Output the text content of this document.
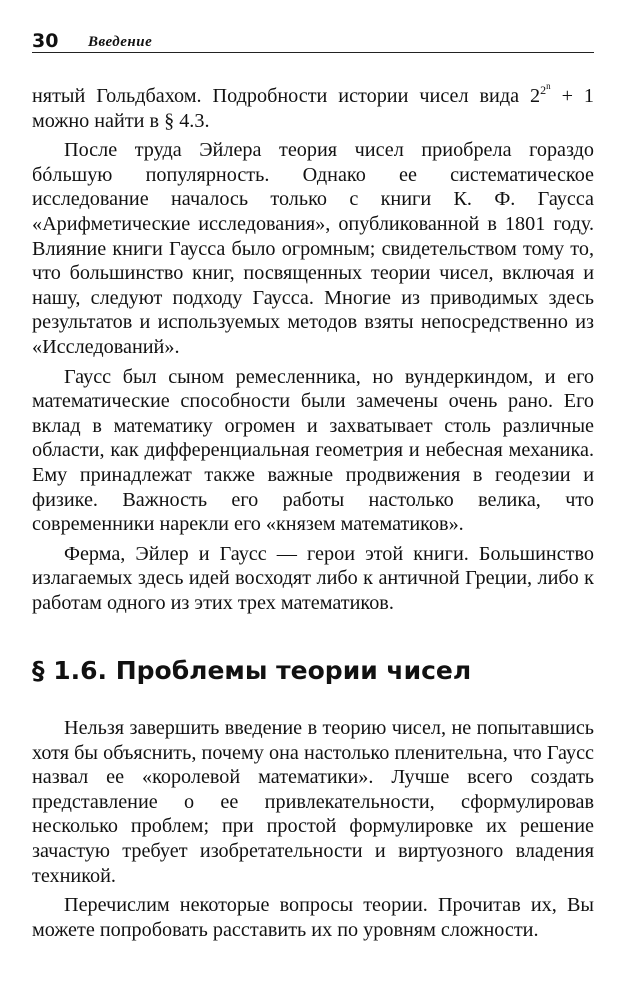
30 Введение

нятый Гольдбахом. Подробности истории чисел вида $2^{2^n} + 1$ можно найти в § 4.3.

После труда Эйлера теория чисел приобрела гораздо бóльшую популярность. Однако ее систематическое исследование началось только с книги К. Ф. Гаусса «Арифметические исследования», опубликованной в 1801 году. Влияние книги Гаусса было огромным; свидетельством тому то, что большинство книг, посвященных теории чисел, включая и нашу, следуют подходу Гаусса. Многие из приводимых здесь результатов и используемых методов взяты непосредственно из «Исследований».

Гаусс был сыном ремесленника, но вундеркиндом, и его математические способности были замечены очень рано. Его вклад в математику огромен и захватывает столь различные области, как дифференциальная геометрия и небесная механика. Ему принадлежат также важные продвижения в геодезии и физике. Важность его работы настолько велика, что современники нарекли его «князем математиков».

Ферма, Эйлер и Гаусс — герои этой книги. Большинство излагаемых здесь идей восходят либо к античной Греции, либо к работам одного из этих трех математиков.

§ 1.6. Проблемы теории чисел

Нельзя завершить введение в теорию чисел, не попытавшись хотя бы объяснить, почему она настолько пленительна, что Гаусс назвал ее «королевой математики». Лучше всего создать представление о ее привлекательности, сформулировав несколько проблем; при простой формулировке их решение зачастую требует изобретательности и виртуозного владения техникой.

Перечислим некоторые вопросы теории. Прочитав их, Вы можете попробовать расставить их по уровням сложности.
